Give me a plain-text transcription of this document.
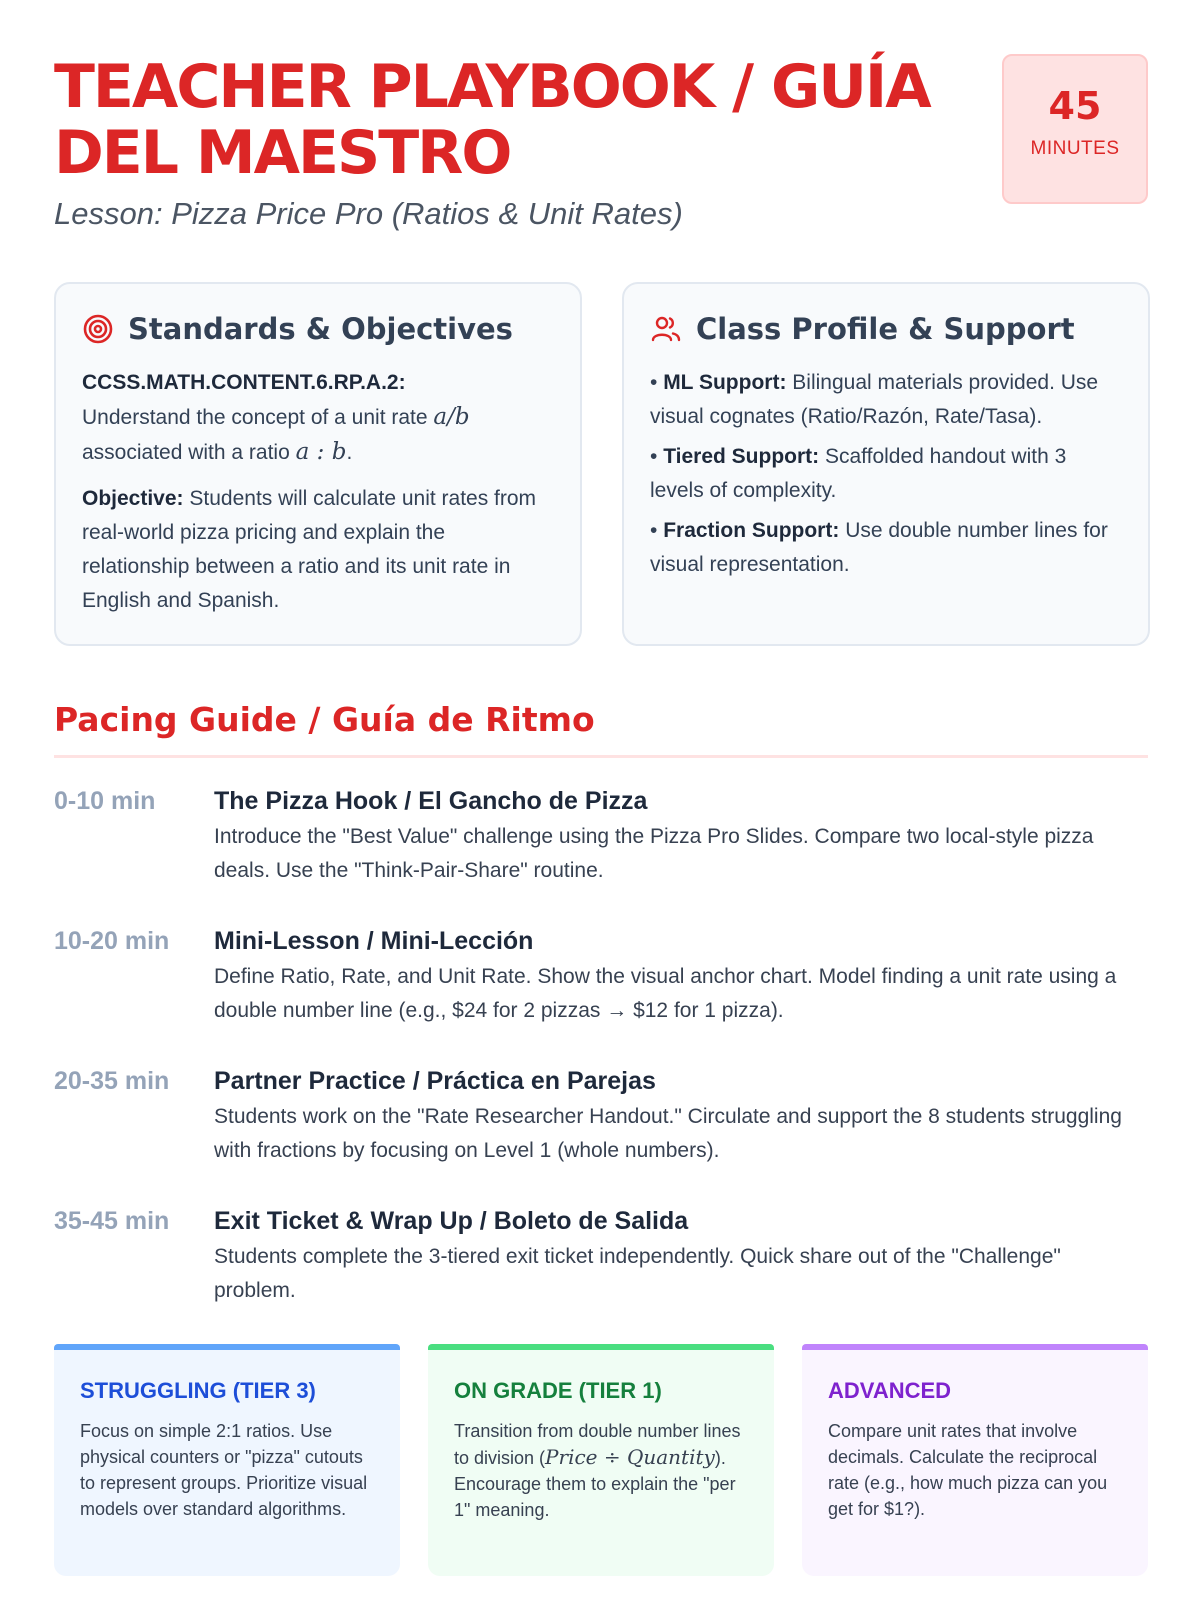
TEACHER PLAYBOOK / GUÍA DEL MAESTRO
Lesson: Pizza Price Pro (Ratios & Unit Rates)
45
MINUTES
Standards & Objectives
CCSS.MATH.CONTENT.6.RP.A.2:
Understand the concept of a unit rate a/b associated with a ratio a : b.
Objective: Students will calculate unit rates from real-world pizza pricing and explain the relationship between a ratio and its unit rate in English and Spanish.
Class Profile & Support
• ML Support: Bilingual materials provided. Use visual cognates (Ratio/Razón, Rate/Tasa).
• Tiered Support: Scaffolded handout with 3 levels of complexity.
• Fraction Support: Use double number lines for visual representation.
Pacing Guide / Guía de Ritmo
0-10 min	The Pizza Hook / El Gancho de Pizza
Introduce the "Best Value" challenge using the Pizza Pro Slides. Compare two local-style pizza deals. Use the "Think-Pair-Share" routine.
10-20 min	Mini-Lesson / Mini-Lección
Define Ratio, Rate, and Unit Rate. Show the visual anchor chart. Model finding a unit rate using a double number line (e.g., $24 for 2 pizzas → $12 for 1 pizza).
20-35 min	Partner Practice / Práctica en Parejas
Students work on the "Rate Researcher Handout." Circulate and support the 8 students struggling with fractions by focusing on Level 1 (whole numbers).
35-45 min	Exit Ticket & Wrap Up / Boleto de Salida
Students complete the 3-tiered exit ticket independently. Quick share out of the "Challenge" problem.
STRUGGLING (TIER 3)
Focus on simple 2:1 ratios. Use physical counters or "pizza" cutouts to represent groups. Prioritize visual models over standard algorithms.
ON GRADE (TIER 1)
Transition from double number lines to division (Price ÷ Quantity). Encourage them to explain the "per 1" meaning.
ADVANCED
Compare unit rates that involve decimals. Calculate the reciprocal rate (e.g., how much pizza can you get for $1?).
